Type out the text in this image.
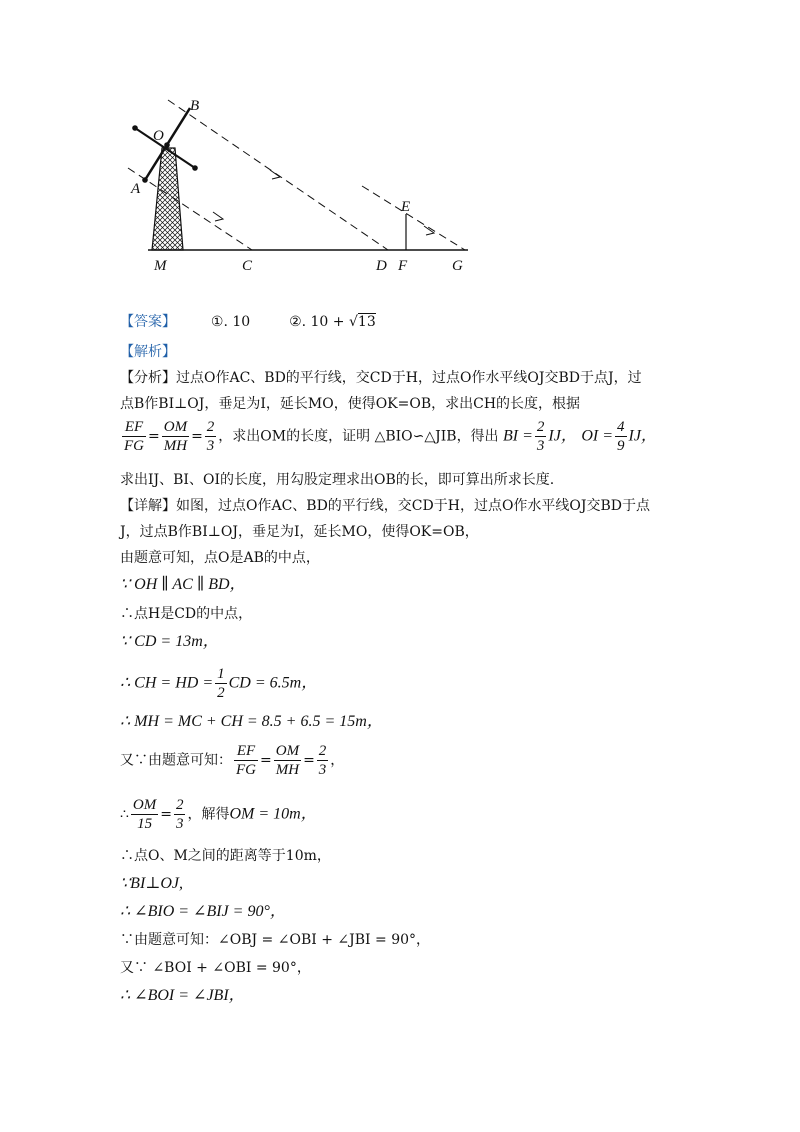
B
O
A
M	C	D F	G
E
【答案】 ①. 10	②. 10 + √13
【解析】
【分析】过点O作AC、BD的平行线，交CD于H，过点O作水平线OJ交BD于点J，过
点B作BI⊥OJ，垂足为I，延长MO，使得OK=OB，求出CH的长度，根据
$\frac{EF}{FG} = \frac{OM}{MH} = \frac{2}{3}$ ，求出OM的长度，证明 △BIO∽△JIB，得出 BI = $\frac{2}{3}$ IJ， OI = $\frac{4}{9}$ IJ，
求出IJ、BI、OI的长度，用勾股定理求出OB的长，即可算出所求长度.
【详解】如图，过点O作AC、BD的平行线，交CD于H，过点O作水平线OJ交BD于点
J，过点B作BI⊥OJ，垂足为I，延长MO，使得OK=OB，
由题意可知，点O是AB的中点，
∵ OH ∥ AC ∥ BD，
∴点H是CD的中点，
∵ CD = 13m，
∴ CH = HD = $\frac{1}{2}$ CD = 6.5m，
∴ MH = MC + CH = 8.5 + 6.5 = 15m，
又∵由题意可知： $\frac{EF}{FG} = \frac{OM}{MH} = \frac{2}{3}$ ，
∴ $\frac{OM}{15} = \frac{2}{3}$ ，解得OM = 10m，
∴点O、M之间的距离等于10m，
∵BI⊥OJ,
∴ ∠BIO = ∠BIJ = 90°，
∵由题意可知：∠OBJ = ∠OBI + ∠JBI = 90°，
又∵ ∠BOI + ∠OBI = 90°，
∴ ∠BOI = ∠JBI，
